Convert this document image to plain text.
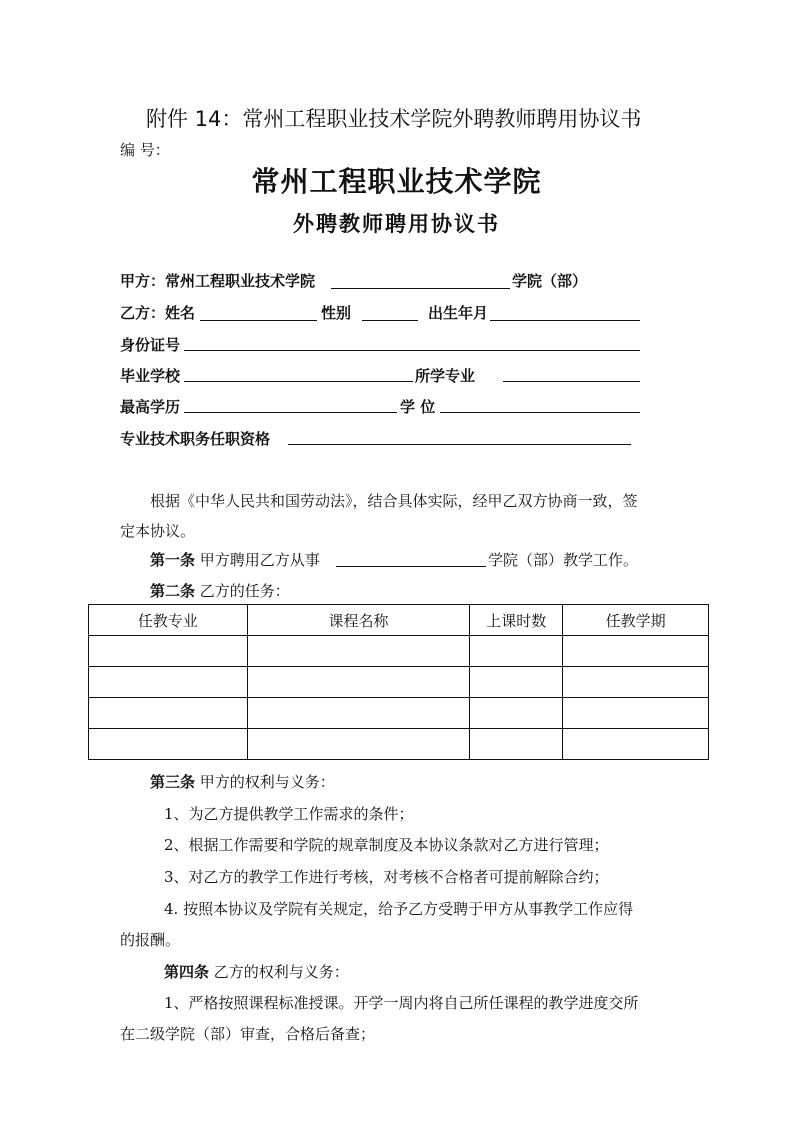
附件 14：常州工程职业技术学院外聘教师聘用协议书
编 号：
常州工程职业技术学院
外聘教师聘用协议书
甲方：常州工程职业技术学院	学院（部）
乙方：姓名	性别	出生年月
身份证号
毕业学校	所学专业
最高学历	学 位
专业技术职务任职资格
根据《中华人民共和国劳动法》，结合具体实际，经甲乙双方协商一致，签
定本协议。
第一条 甲方聘用乙方从事	学院（部）教学工作。
第二条 乙方的任务：
任教专业	课程名称	上课时数	任教学期

第三条 甲方的权利与义务：
1、为乙方提供教学工作需求的条件；
2、根据工作需要和学院的规章制度及本协议条款对乙方进行管理；
3、对乙方的教学工作进行考核，对考核不合格者可提前解除合约；
4. 按照本协议及学院有关规定，给予乙方受聘于甲方从事教学工作应得
的报酬。
第四条 乙方的权利与义务：
1、严格按照课程标准授课。开学一周内将自己所任课程的教学进度交所
在二级学院（部）审查，合格后备查；
